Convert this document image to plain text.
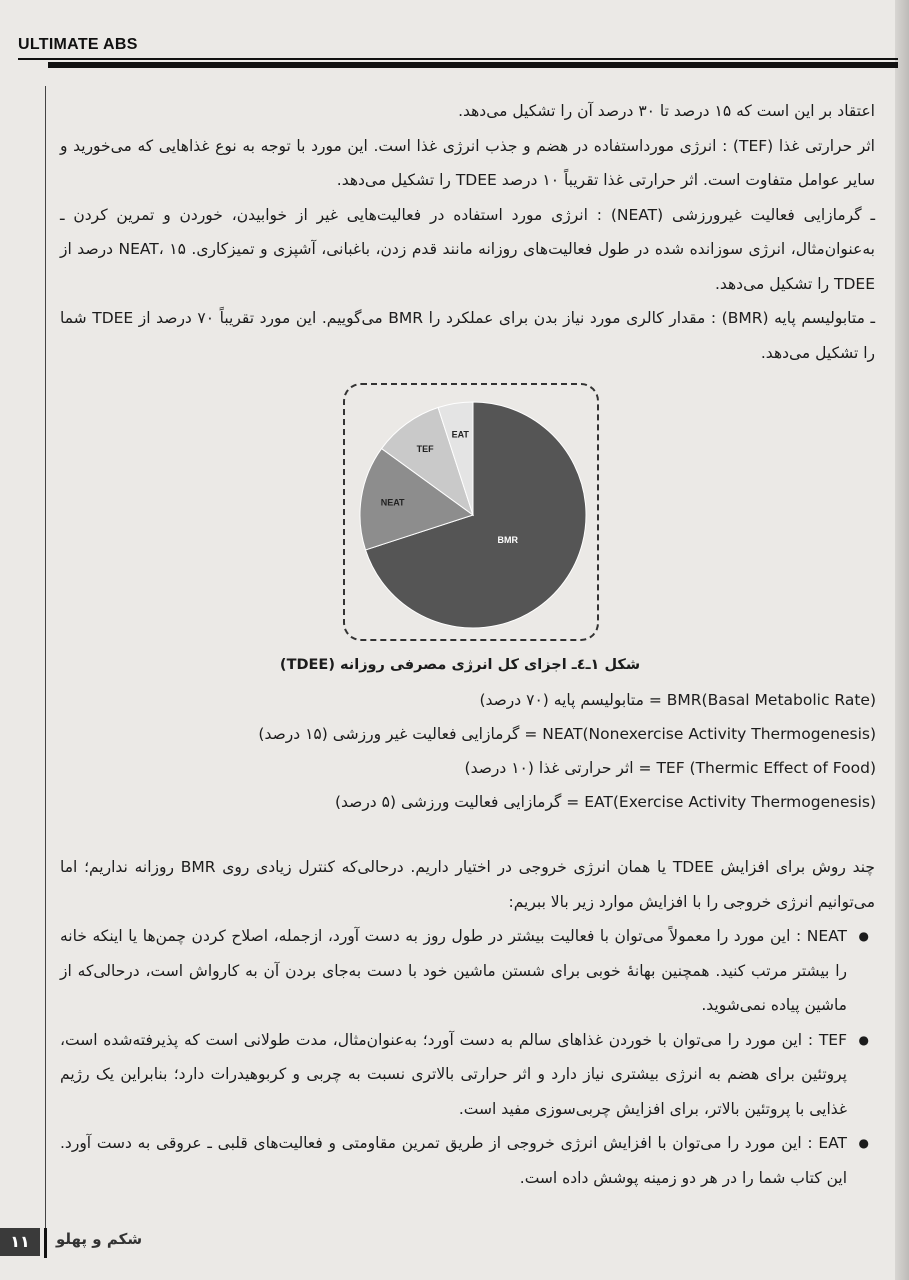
ULTIMATE ABS

اعتقاد بر این است که ۱۵ درصد تا ۳۰ درصد آن را تشکیل می‌دهد.

اثر حرارتی غذا (TEF) : انرژی مورداستفاده در هضم و جذب انرژی غذا است. این مورد با توجه به نوع غذاهایی که می‌خورید و سایر عوامل متفاوت است. اثر حرارتی غذا تقریباً ۱۰ درصد TDEE را تشکیل می‌دهد.

ـ گرمازایی فعالیت غیرورزشی (NEAT) : انرژی مورد استفاده در فعالیت‌هایی غیر از خوابیدن، خوردن و تمرین کردن ـ به‌عنوان‌مثال، انرژی سوزانده شده در طول فعالیت‌های روزانه مانند قدم زدن، باغبانی، آشپزی و تمیزکاری. NEAT، ۱۵ درصد از TDEE را تشکیل می‌دهد.

ـ متابولیسم پایه (BMR) : مقدار کالری مورد نیاز بدن برای عملکرد را BMR می‌گوییم. این مورد تقریباً ۷۰ درصد از TDEE شما را تشکیل می‌دهد.

BMR
NEAT
TEF
EAT
شکل ۱ـ٤ـ اجزای کل انرژی مصرفی روزانه (TDEE)
BMR(Basal Metabolic Rate) = متابولیسم پایه (۷۰ درصد)
NEAT(Nonexercise Activity Thermogenesis) = گرمازایی فعالیت غیر ورزشی (۱۵ درصد)
TEF (Thermic Effect of Food) = اثر حرارتی غذا (۱۰ درصد)
EAT(Exercise Activity Thermogenesis) = گرمازایی فعالیت ورزشی (۵ درصد)

چند روش برای افزایش TDEE یا همان انرژی خروجی در اختیار داریم. درحالی‌که کنترل زیادی روی BMR روزانه نداریم؛ اما می‌توانیم انرژی خروجی را با افزایش موارد زیر بالا ببریم:

●
NEAT : این مورد را معمولاً می‌توان با فعالیت بیشتر در طول روز به دست آورد، ازجمله، اصلاح کردن چمن‌ها یا اینکه خانه را بیشتر مرتب کنید. همچنین بهانهٔ خوبی برای شستن ماشین خود با دست به‌جای بردن آن به کارواش است، درحالی‌که از ماشین پیاده نمی‌شوید.
●
TEF : این مورد را می‌توان با خوردن غذاهای سالم به دست آورد؛ به‌عنوان‌مثال، مدت طولانی است که پذیرفته‌شده است، پروتئین برای هضم به انرژی بیشتری نیاز دارد و اثر حرارتی بالاتری نسبت به چربی و کربوهیدرات دارد؛ بنابراین یک رژیم غذایی با پروتئین بالاتر، برای افزایش چربی‌سوزی مفید است.
●
EAT : این مورد را می‌توان با افزایش انرژی خروجی از طریق تمرین مقاومتی و فعالیت‌های قلبی ـ عروقی به دست آورد. این کتاب شما را در هر دو زمینه پوشش داده است.
۱۱	شکم و پهلو
